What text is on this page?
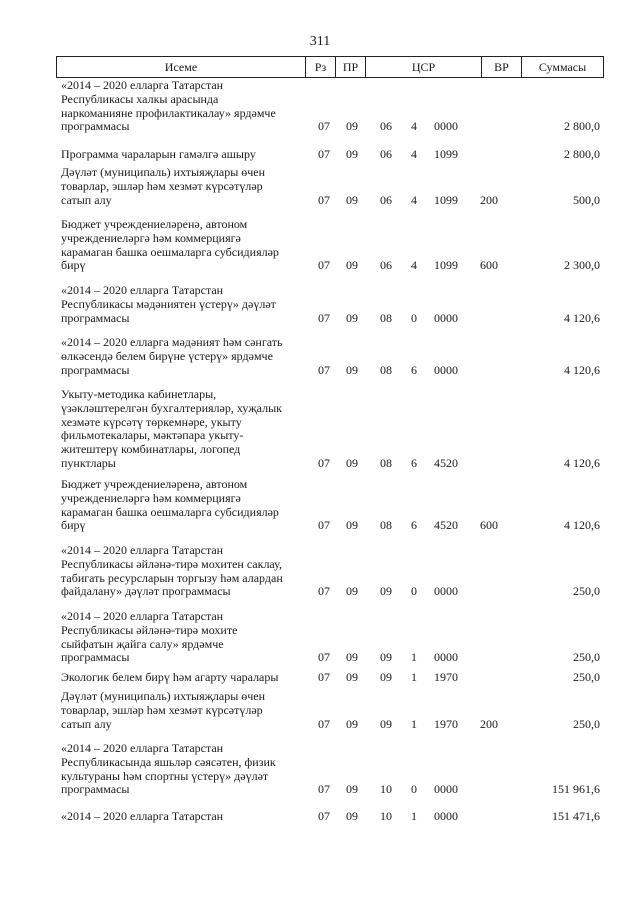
311
Исеме	Рз	ПР	ЦСР	ВР	Суммасы
«2014 – 2020 елларга Татарстан
Республикасы халкы арасында
наркоманияне профилактикалау» ярдәмче
программасы	07 09 06 4 0000	2 800,0
Программа чараларын гамәлгә ашыру	07 09 06 4 1099	2 800,0
Дәүләт (муниципаль) ихтыяҗлары өчен
товарлар, эшләр һәм хезмәт күрсәтүләр
сатып алу	07 09 06 4 1099 200	500,0
Бюджет учреждениеләренә, автоном
учреждениеләргә һәм коммерциягә
карамаган башка оешмаларга субсидияләр
бирү	07 09 06 4 1099 600	2 300,0
«2014 – 2020 елларга Татарстан
Республикасы мәдәниятен үстерү» дәүләт
программасы	07 09 08 0 0000	4 120,6
«2014 – 2020 елларга мәдәният һәм сәнгать
өлкәсендә белем бирүне үстерү» ярдәмче
программасы	07 09 08 6 0000	4 120,6
Укыту-методика кабинетлары,
үзәкләштерелгән бухгалтерияләр, хуҗалык
хезмәте күрсәтү төркемнәре, укыту
фильмотекалары, мәктәпара укыту-
житештерү комбинатлары, логопед
пунктлары	07 09 08 6 4520	4 120,6
Бюджет учреждениеләренә, автоном
учреждениеләргә һәм коммерциягә
карамаган башка оешмаларга субсидияләр
бирү	07 09 08 6 4520 600	4 120,6
«2014 – 2020 елларга Татарстан
Республикасы әйләнә-тирә мохитен саклау,
табигать ресурсларын торгызу һәм алардан
файдалану» дәүләт программасы	07 09 09 0 0000	250,0
«2014 – 2020 елларга Татарстан
Республикасы әйләнә-тирә мохите
сыйфатын җайга салу» ярдәмче
программасы	07 09 09 1 0000	250,0
Экологик белем бирү һәм агарту чаралары	07 09 09 1 1970	250,0
Дәүләт (муниципаль) ихтыяҗлары өчен
товарлар, эшләр һәм хезмәт күрсәтүләр
сатып алу	07 09 09 1 1970 200	250,0
«2014 – 2020 елларга Татарстан
Республикасында яшьләр сәясәтен, физик
культураны һәм спортны үстерү» дәүләт
программасы	07 09 10 0 0000	151 961,6
«2014 – 2020 елларга Татарстан	07 09 10 1 0000	151 471,6
